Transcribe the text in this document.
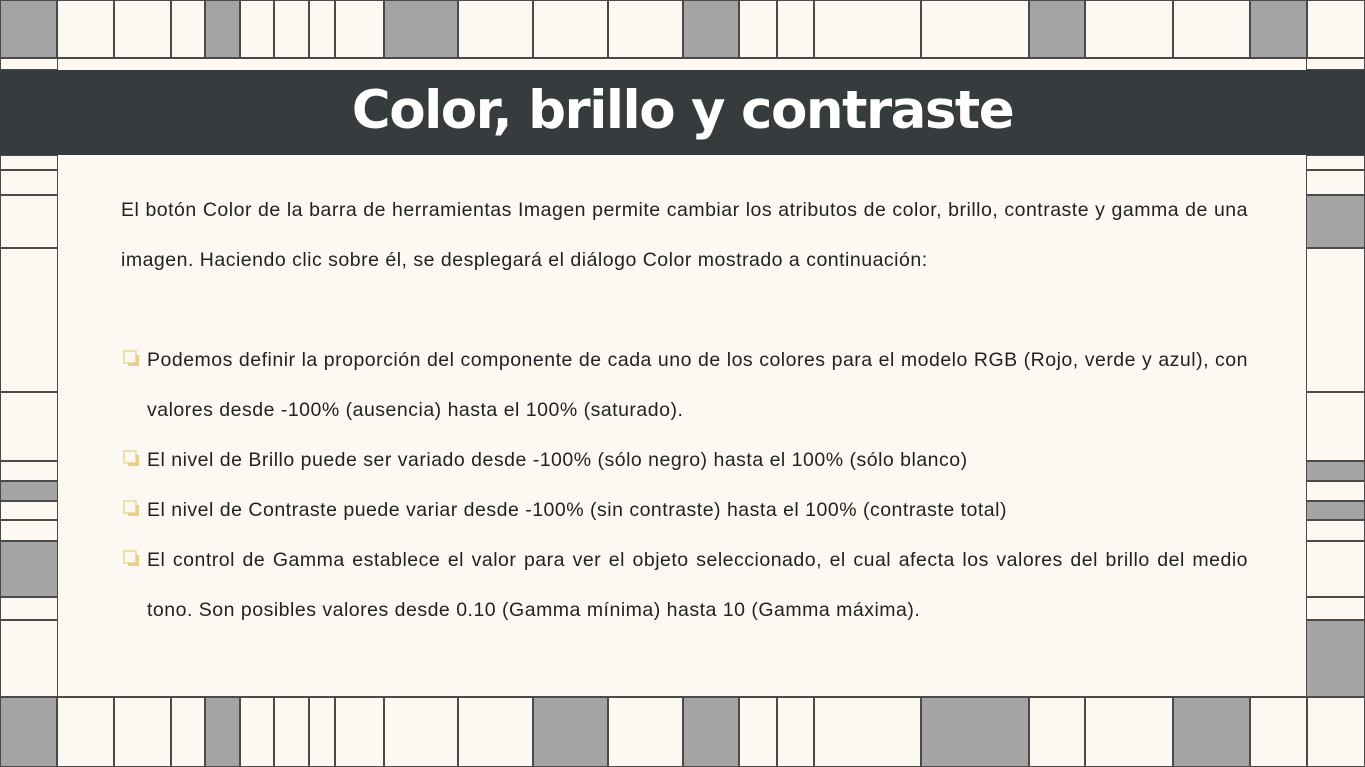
Color, brillo y contraste

El botón Color de la barra de herramientas Imagen permite cambiar los atributos de color, brillo, contraste y gamma de una imagen. Haciendo clic sobre él, se desplegará el diálogo Color mostrado a continuación:

Podemos definir la proporción del componente de cada uno de los colores para el modelo RGB (Rojo, verde y azul), con valores desde -100% (ausencia) hasta el 100% (saturado).
El nivel de Brillo puede ser variado desde -100% (sólo negro) hasta el 100% (sólo blanco)
El nivel de Contraste puede variar desde -100% (sin contraste) hasta el 100% (contraste total)
El control de Gamma establece el valor para ver el objeto seleccionado, el cual afecta los valores del brillo del medio tono. Son posibles valores desde 0.10 (Gamma mínima) hasta 10 (Gamma máxima).
